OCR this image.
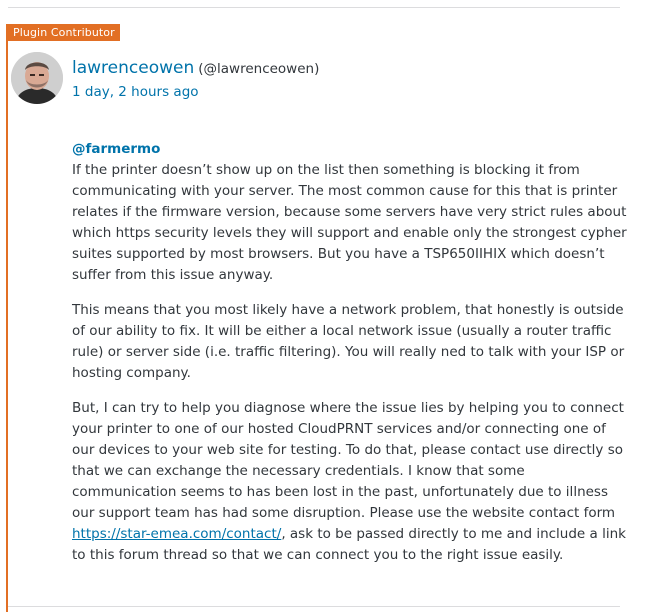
Plugin Contributor
lawrenceowen (@lawrenceowen)
1 day, 2 hours ago
@farmermo

If the printer doesn’t show up on the list then something is blocking it from communicating with your server. The most common cause for this that is printer relates if the firmware version, because some servers have very strict rules about which https security levels they will support and enable only the strongest cypher suites supported by most browsers. But you have a TSP650IIHIX which doesn’t suffer from this issue anyway.

This means that you most likely have a network problem, that honestly is outside of our ability to fix. It will be either a local network issue (usually a router traffic rule) or server side (i.e. traffic filtering). You will really ned to talk with your ISP or hosting company.

But, I can try to help you diagnose where the issue lies by helping you to connect your printer to one of our hosted CloudPRNT services and/or connecting one of our devices to your web site for testing. To do that, please contact use directly so that we can exchange the necessary credentials. I know that some communication seems to has been lost in the past, unfortunately due to illness our support team has had some disruption. Please use the website contact form https://star-emea.com/contact/, ask to be passed directly to me and include a link to this forum thread so that we can connect you to the right issue easily.
